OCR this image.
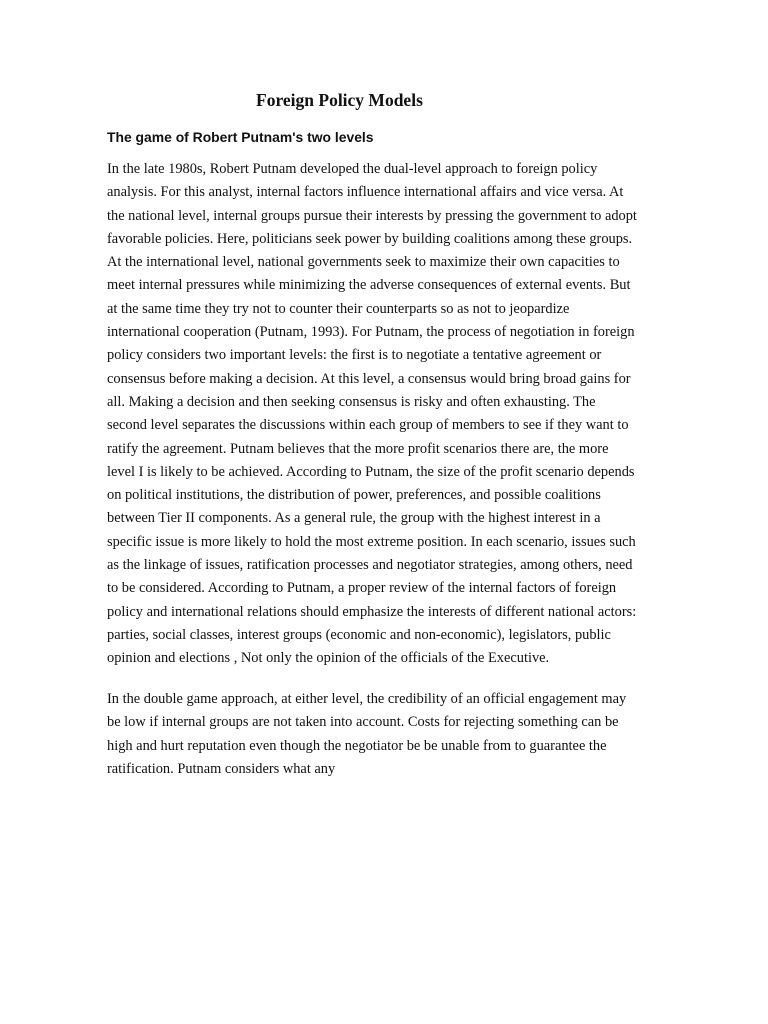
Foreign Policy Models
The game of Robert Putnam's two levels

In the late 1980s, Robert Putnam developed the dual-level approach to foreign policy
analysis. For this analyst, internal factors influence international affairs and vice versa. At
the national level, internal groups pursue their interests by pressing the government to adopt
favorable policies. Here, politicians seek power by building coalitions among these groups.
At the international level, national governments seek to maximize their own capacities to
meet internal pressures while minimizing the adverse consequences of external events. But
at the same time they try not to counter their counterparts so as not to jeopardize
international cooperation (Putnam, 1993). For Putnam, the process of negotiation in foreign
policy considers two important levels: the first is to negotiate a tentative agreement or
consensus before making a decision. At this level, a consensus would bring broad gains for
all. Making a decision and then seeking consensus is risky and often exhausting. The
second level separates the discussions within each group of members to see if they want to
ratify the agreement. Putnam believes that the more profit scenarios there are, the more
level I is likely to be achieved. According to Putnam, the size of the profit scenario depends
on political institutions, the distribution of power, preferences, and possible coalitions
between Tier II components. As a general rule, the group with the highest interest in a
specific issue is more likely to hold the most extreme position. In each scenario, issues such
as the linkage of issues, ratification processes and negotiator strategies, among others, need
to be considered. According to Putnam, a proper review of the internal factors of foreign
policy and international relations should emphasize the interests of different national actors:
parties, social classes, interest groups (economic and non-economic), legislators, public
opinion and elections , Not only the opinion of the officials of the Executive.

In the double game approach, at either level, the credibility of an official engagement may
be low if internal groups are not taken into account. Costs for rejecting something can be
high and hurt reputation even though the negotiator be be unable from to guarantee the
ratification. Putnam considers what any
